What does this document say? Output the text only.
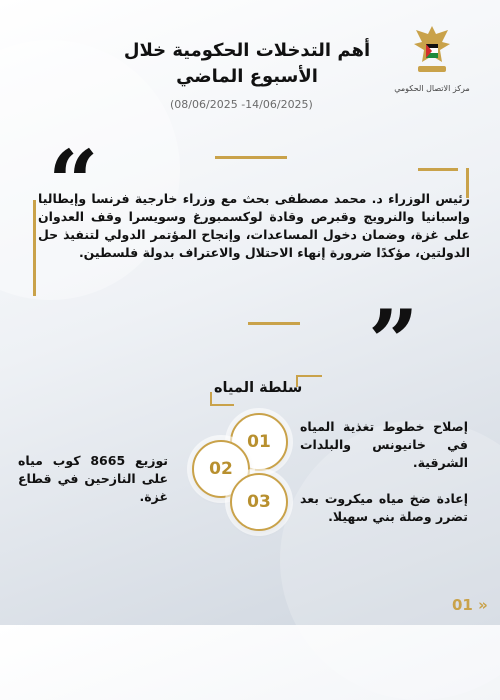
مركز الاتصال الحكومي
أهم التدخلات الحكومية خلال
الأسبوع الماضي
(08/06/2025 -14/06/2025)
“
رئيس الوزراء د. محمد مصطفى بحث مع وزراء خارجية فرنسا وإيطاليا وإسبانيا والنرويج وقبرص وقادة لوكسمبورغ وسويسرا وقف العدوان على غزة، وضمان دخول المساعدات، وإنجاح المؤتمر الدولي لتنفيذ حل الدولتين، مؤكدًا ضرورة إنهاء الاحتلال والاعتراف بدولة فلسطين.
”
سلطة المياه
01
02
03
إصلاح خطوط تغذية المياه في خانيونس والبلدات الشرقية.
توزيع 8665 كوب مياه على النازحين في قطاع غزة.	إعادة ضخ مياه ميكروت بعد تضرر وصلة بني سهيلا.
01 »
